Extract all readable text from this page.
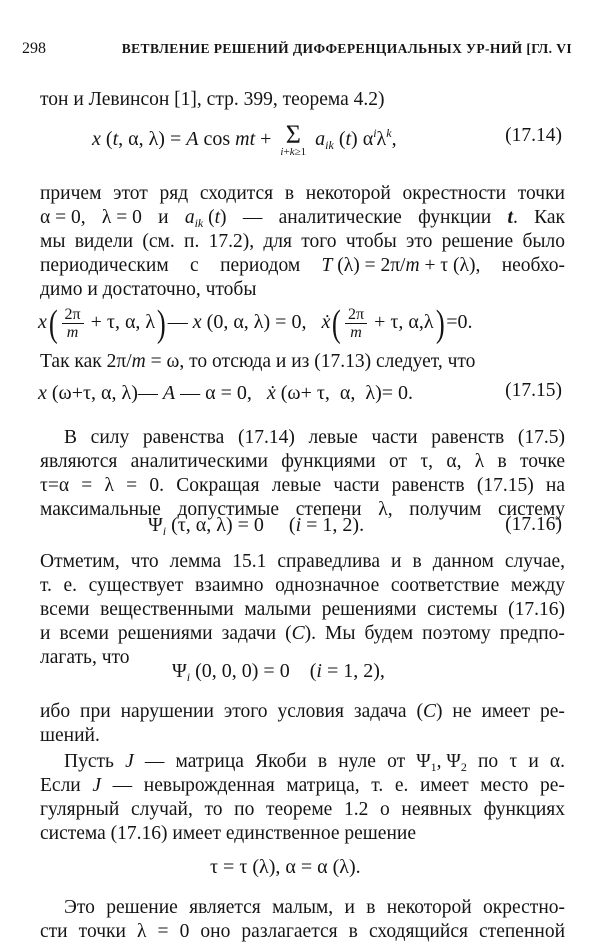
298	ВЕТВЛЕНИЕ РЕШЕНИЙ ДИФФЕРЕНЦИАЛЬНЫХ УР-НИЙ [ГЛ. VI
тон и Левинсон [1], стр. 399, теорема 4.2)
x (t, α, λ) = A cos mt + Σ
i+k≥1
$a_{ik}$ (t) $\alpha^i\lambda^k$,	(17.14)
причем этот ряд сходится в некоторой окрестности точки
α = 0, λ = 0 и $a_{ik}$ (t) — аналитические функции t. Как
мы видели (см. п. 17.2), для того чтобы это решение было
периодическим с периодом T (λ) = 2π/m + τ (λ), необхо-
димо и достаточно, чтобы
$x( \frac{2\pi}{m} + \tau$, α, λ)— x (0, α, λ) = 0,   ẋ( $\frac{2\pi}{m} + \tau$, α,λ)=0.
Так как 2π/m = ω, то отсюда и из (17.13) следует, что
x (ω+τ, α, λ)— A — α = 0,   ẋ (ω+ τ,  α,  λ)= 0.	(17.15)
В силу равенства (17.14) левые части равенств (17.5)
являются аналитическими функциями от τ, α, λ в точке
τ=α = λ = 0. Сокращая левые части равенств (17.15) на
максимальные допустимые степени λ, получим систему
$\Psi_i$ (τ, α, λ) = 0     (i = 1, 2).	(17.16)
Отметим, что лемма 15.1 справедлива и в данном случае,
т. е. существует взаимно однозначное соответствие между
всеми вещественными малыми решениями системы (17.16)
и всеми решениями задачи (C). Мы будем поэтому предпо-
лагать, что
$\Psi_i$ (0, 0, 0) = 0    (i = 1, 2),
ибо при нарушении этого условия задача (C) не имеет ре-
шений.
Пусть J — матрица Якоби в нуле от $\Psi_1$, $\Psi_2$ по τ и α.
Если J — невырожденная матрица, т. е. имеет место ре-
гулярный случай, то по теореме 1.2 о неявных функциях
система (17.16) имеет единственное решение
τ = τ (λ), α = α (λ).
Это решение является малым, и в некоторой окрестно-
сти точки λ = 0 оно разлагается в сходящийся степенной
